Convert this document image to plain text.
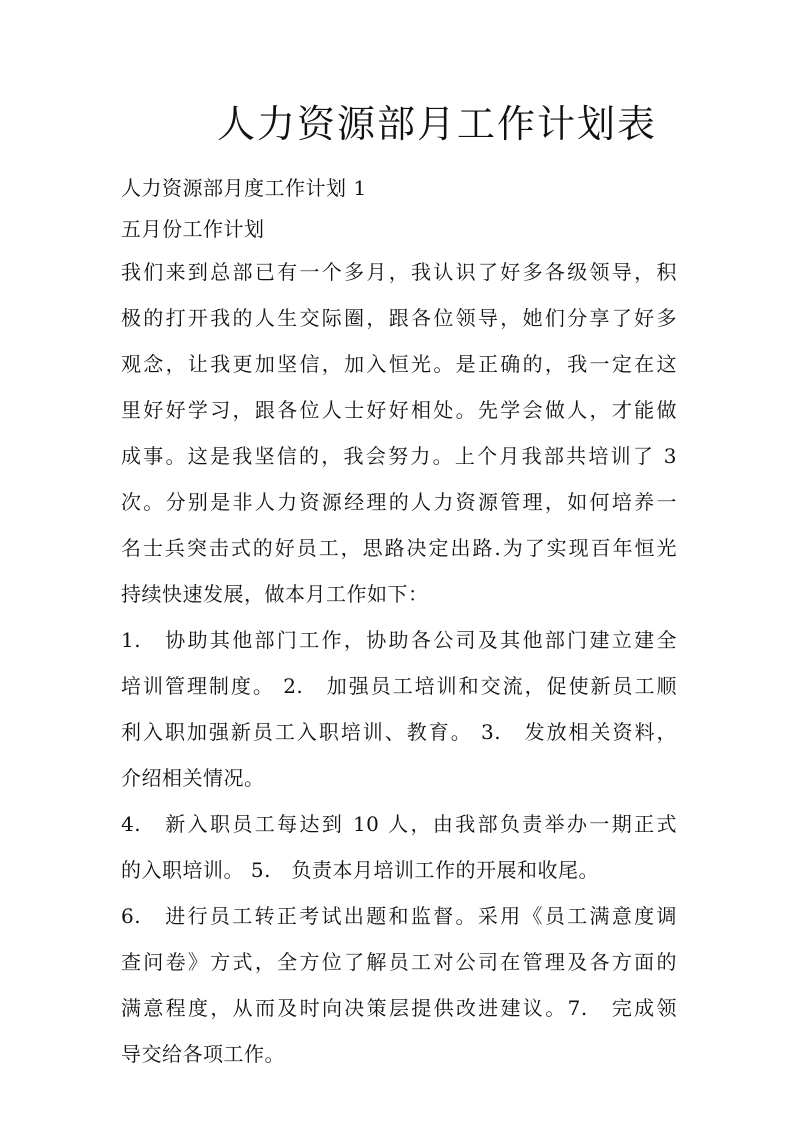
人力资源部月工作计划表
人力资源部月度工作计划 1
五月份工作计划
我们来到总部已有一个多月，我认识了好多各级领导，积
极的打开我的人生交际圈，跟各位领导，她们分享了好多
观念，让我更加坚信，加入恒光。是正确的，我一定在这
里好好学习，跟各位人士好好相处。先学会做人，才能做
成事。这是我坚信的，我会努力。上个月我部共培训了 3
次。分别是非人力资源经理的人力资源管理，如何培养一
名士兵突击式的好员工，思路决定出路.为了实现百年恒光
持续快速发展，做本月工作如下：
1.　协助其他部门工作，协助各公司及其他部门建立建全
培训管理制度。 2.　加强员工培训和交流，促使新员工顺
利入职加强新员工入职培训、教育。 3.　发放相关资料，
介绍相关情况。
4.　新入职员工每达到 10 人，由我部负责举办一期正式
的入职培训。 5.　负责本月培训工作的开展和收尾。
6.　进行员工转正考试出题和监督。采用《员工满意度调
查问卷》方式，全方位了解员工对公司在管理及各方面的
满意程度，从而及时向决策层提供改进建议。7.　完成领
导交给各项工作。
